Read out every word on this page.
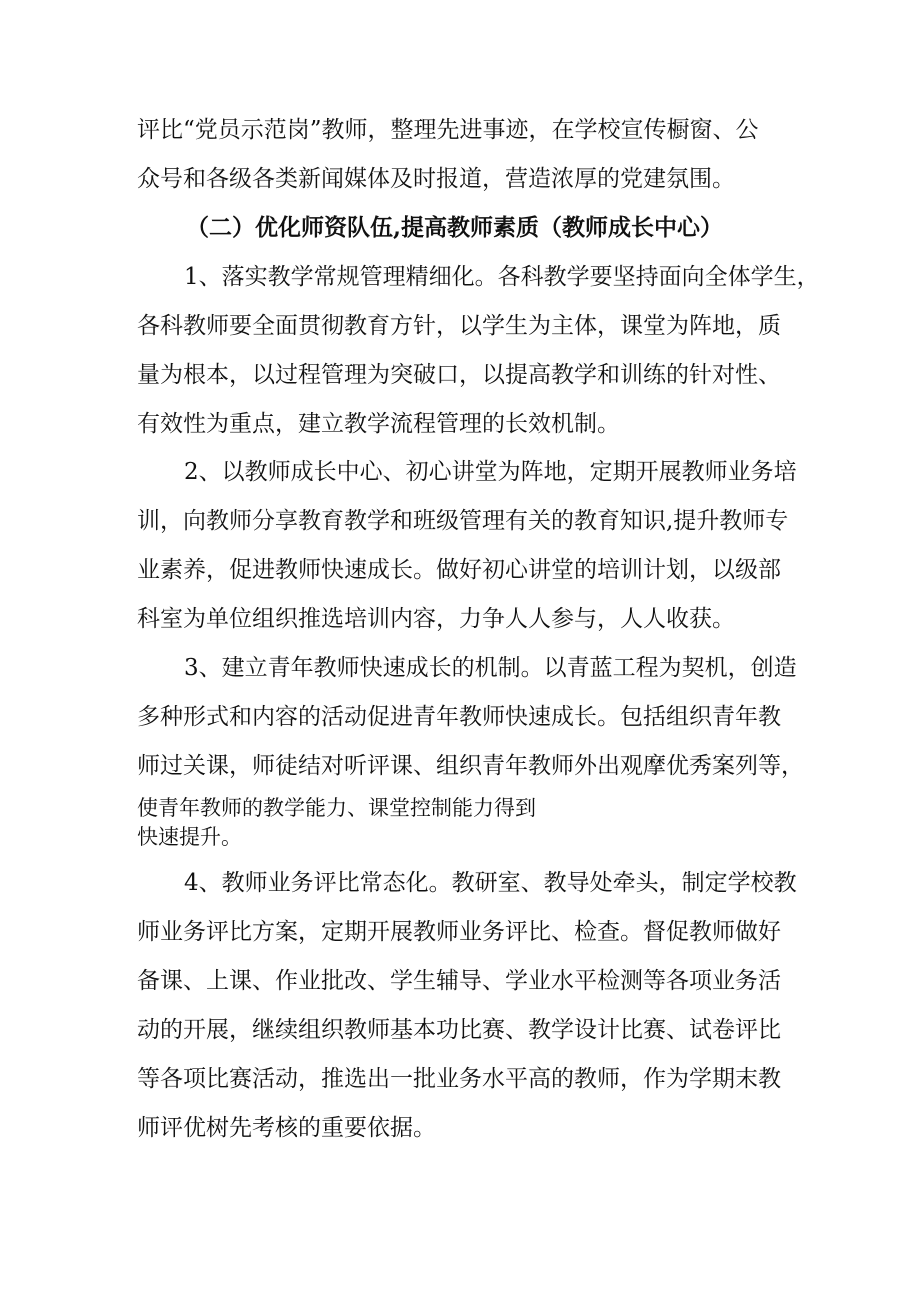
评比“党员示范岗”教师，整理先进事迹，在学校宣传橱窗、公
众号和各级各类新闻媒体及时报道，营造浓厚的党建氛围。
（二）优化师资队伍,提高教师素质（教师成长中心）
1、落实教学常规管理精细化。各科教学要坚持面向全体学生，
各科教师要全面贯彻教育方针，以学生为主体，课堂为阵地，质
量为根本，以过程管理为突破口，以提高教学和训练的针对性、
有效性为重点，建立教学流程管理的长效机制。
2、以教师成长中心、初心讲堂为阵地，定期开展教师业务培
训，向教师分享教育教学和班级管理有关的教育知识,提升教师专
业素养，促进教师快速成长。做好初心讲堂的培训计划，以级部
科室为单位组织推选培训内容，力争人人参与，人人收获。
3、建立青年教师快速成长的机制。以青蓝工程为契机，创造
多种形式和内容的活动促进青年教师快速成长。包括组织青年教
师过关课，师徒结对听评课、组织青年教师外出观摩优秀案列等，
使青年教师的教学能力、课堂控制能力得到
快速提升。
4、教师业务评比常态化。教研室、教导处牵头，制定学校教
师业务评比方案，定期开展教师业务评比、检查。督促教师做好
备课、上课、作业批改、学生辅导、学业水平检测等各项业务活
动的开展，继续组织教师基本功比赛、教学设计比赛、试卷评比
等各项比赛活动，推选出一批业务水平高的教师，作为学期末教
师评优树先考核的重要依据。
